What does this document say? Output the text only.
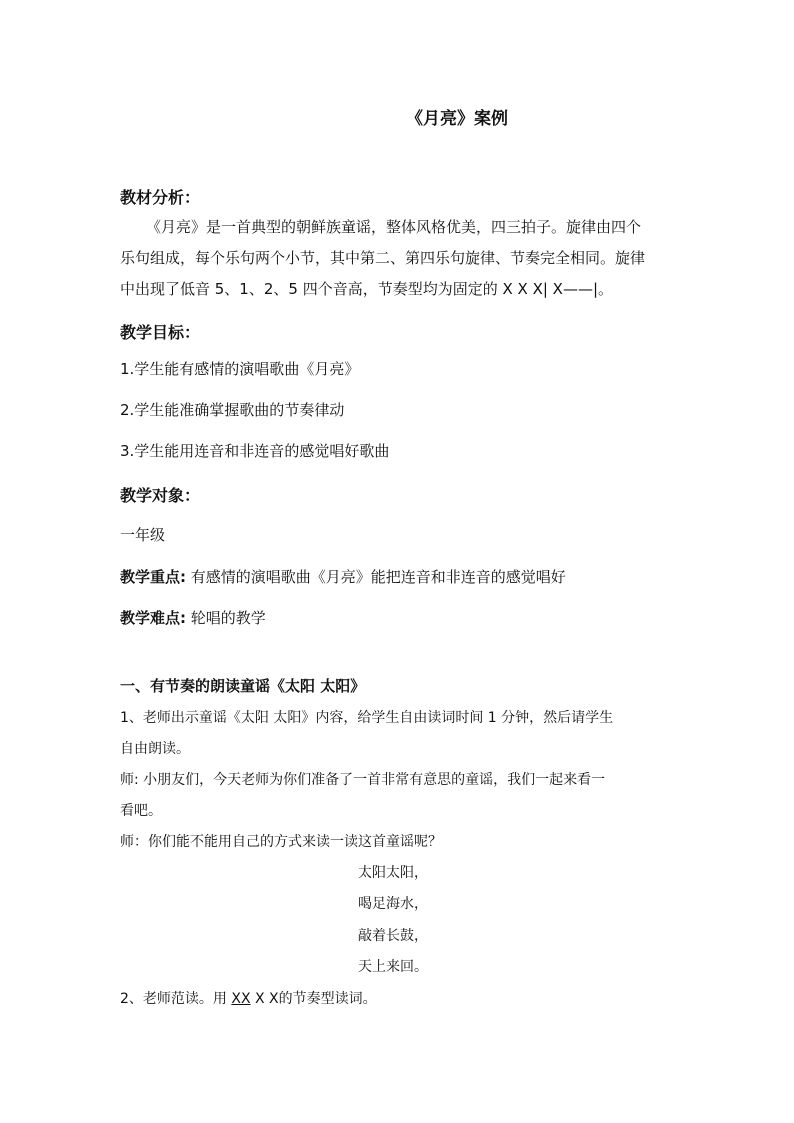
《月亮》案例
教材分析：
《月亮》是一首典型的朝鲜族童谣，整体风格优美，四三拍子。旋律由四个
乐句组成，每个乐句两个小节，其中第二、第四乐句旋律、节奏完全相同。旋律
中出现了低音 5、1、2、5 四个音高，节奏型均为固定的 X X X| X——|。
教学目标：
1.学生能有感情的演唱歌曲《月亮》
2.学生能准确掌握歌曲的节奏律动
3.学生能用连音和非连音的感觉唱好歌曲
教学对象：
一年级
教学重点: 有感情的演唱歌曲《月亮》能把连音和非连音的感觉唱好
教学难点: 轮唱的教学
一、有节奏的朗读童谣《太阳 太阳》
1、老师出示童谣《太阳 太阳》内容，给学生自由读词时间 1 分钟，然后请学生
自由朗读。
师: 小朋友们，今天老师为你们准备了一首非常有意思的童谣，我们一起来看一
看吧。
师：你们能不能用自己的方式来读一读这首童谣呢？
太阳太阳，
喝足海水，
敲着长鼓，
天上来回。
2、老师范读。用 XX X X的节奏型读词。
